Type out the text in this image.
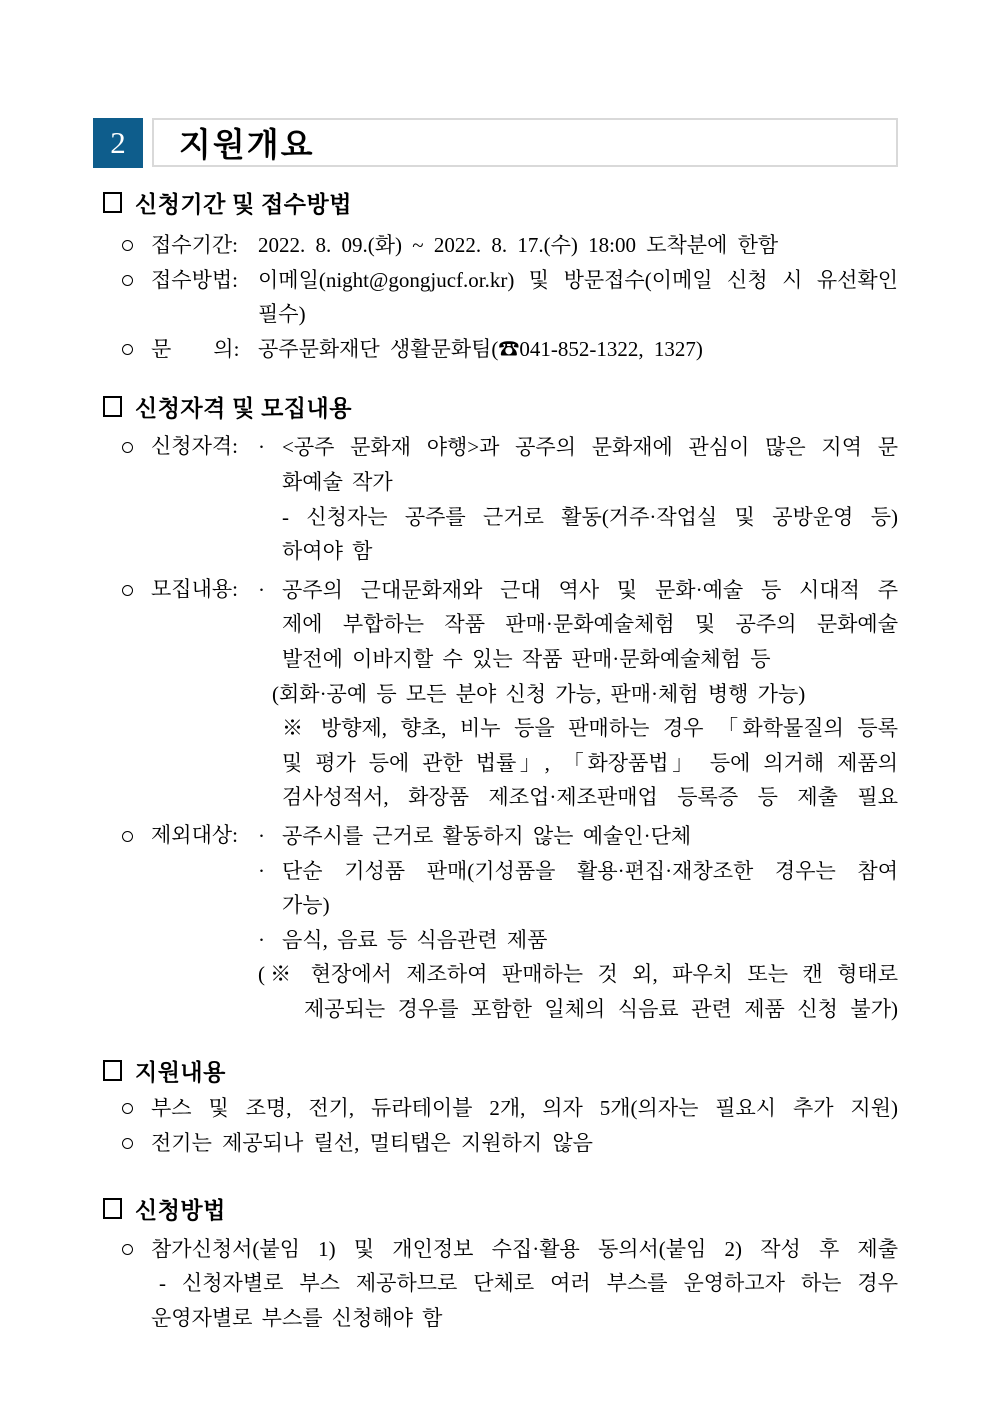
2	지원개요
신청기간 및 접수방법
접수기간: 2022. 8. 09.(화) ~ 2022. 8. 17.(수) 18:00 도착분에 한함
접수방법: 이메일(night@gongjucf.or.kr) 및 방문접수(이메일 신청 시 유선확인 필수)
문        의: 공주문화재단 생활문화팀(☎041-852-1322, 1327)
신청자격 및 모집내용
신청자격: · <공주 문화재 야행>과 공주의 문화재에 관심이 많은 지역 문
화예술 작가
- 신청자는 공주를 근거로 활동(거주·작업실 및 공방운영 등)
하여야 함
모집내용: · 공주의 근대문화재와 근대 역사 및 문화·예술 등 시대적 주
제에 부합하는 작품 판매·문화예술체험 및 공주의 문화예술
발전에 이바지할 수 있는 작품 판매·문화예술체험 등
(회화·공예 등 모든 분야 신청 가능, 판매·체험 병행 가능)
※ 방향제, 향초, 비누 등을 판매하는 경우 「화학물질의 등록
및 평가 등에 관한 법률」, 「화장품법」 등에 의거해 제품의
검사성적서, 화장품 제조업·제조판매업 등록증 등 제출 필요
제외대상: · 공주시를 근거로 활동하지 않는 예술인·단체
· 단순 기성품 판매(기성품을 활용·편집·재창조한 경우는 참여
가능)
· 음식, 음료 등 식음관련 제품
(※ 현장에서 제조하여 판매하는 것 외, 파우치 또는 캔 형태로
제공되는 경우를 포함한 일체의 식음료 관련 제품 신청 불가)
지원내용
부스 및 조명, 전기, 듀라테이블 2개, 의자 5개(의자는 필요시 추가 지원)
전기는 제공되나 릴선, 멀티탭은 지원하지 않음
신청방법
참가신청서(붙임 1) 및 개인정보 수집·활용 동의서(붙임 2) 작성 후 제출
- 신청자별로 부스 제공하므로 단체로 여러 부스를 운영하고자 하는 경우
운영자별로 부스를 신청해야 함
